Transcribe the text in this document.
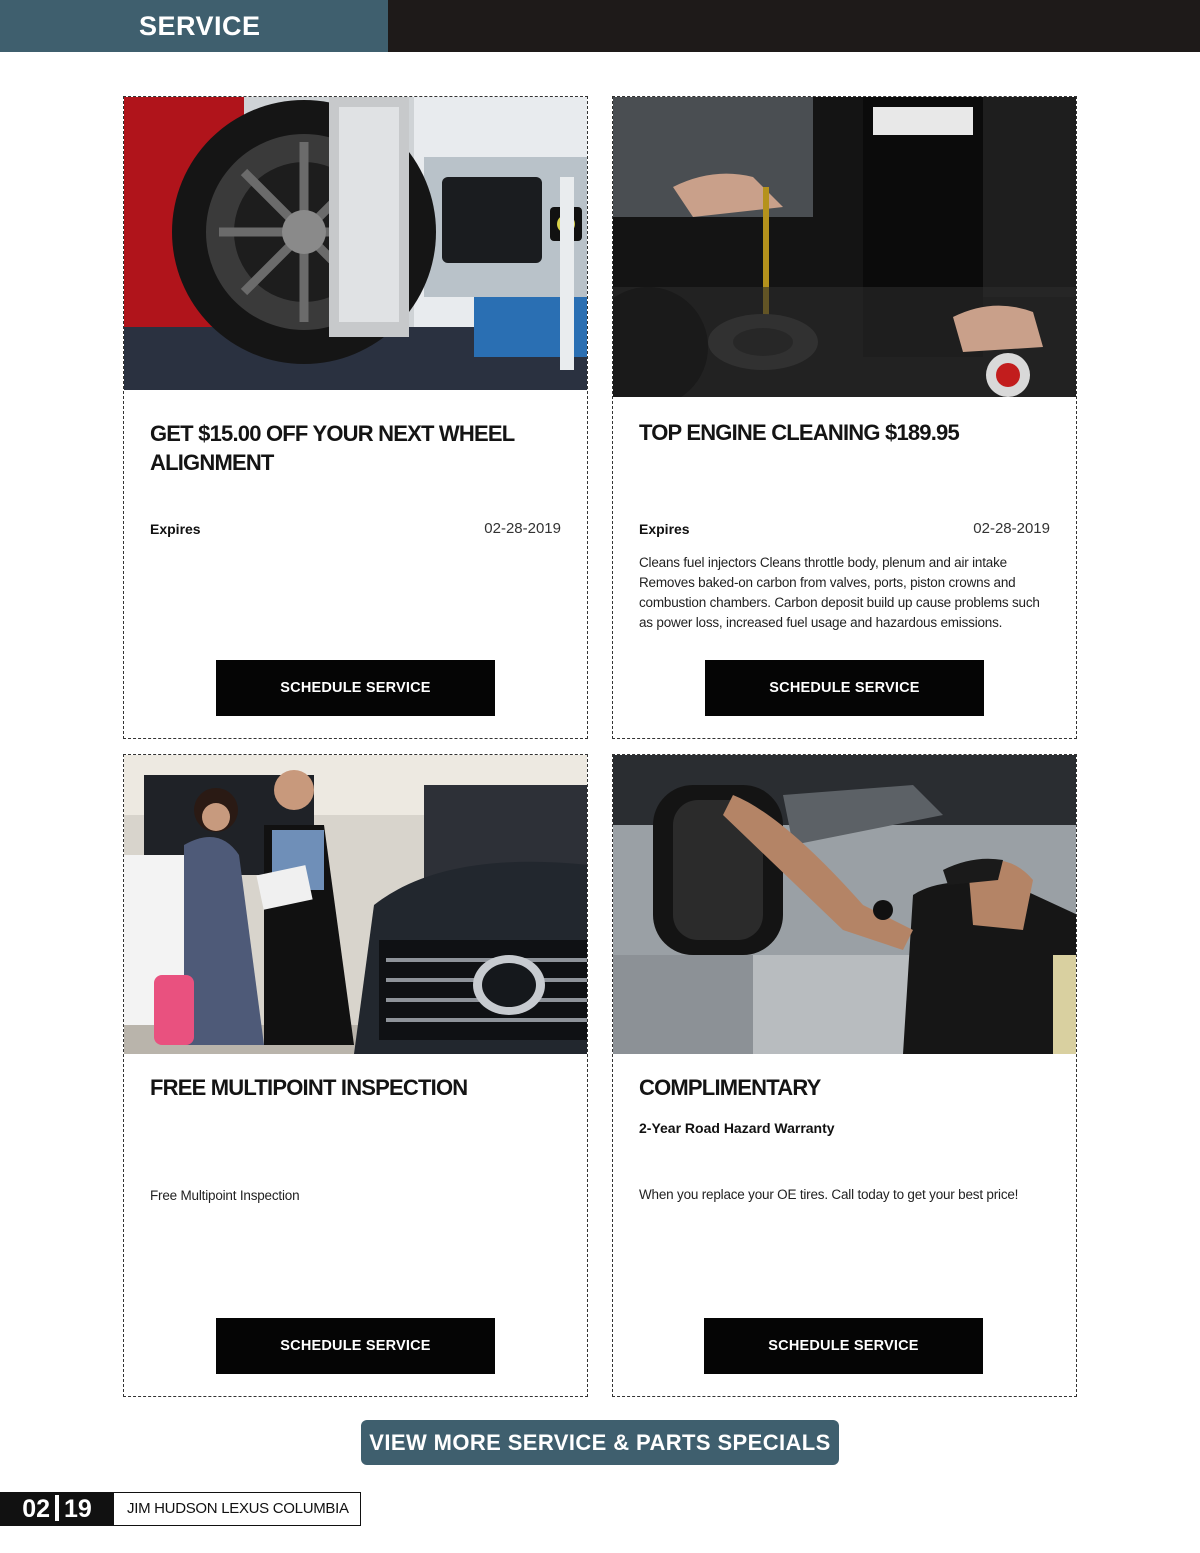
SERVICE
GET $15.00 OFF YOUR NEXT WHEEL ALIGNMENT
Expires	02-28-2019
SCHEDULE SERVICE
TOP ENGINE CLEANING $189.95
Expires	02-28-2019
Cleans fuel injectors Cleans throttle body, plenum and air intake Removes baked-on carbon from valves, ports, piston crowns and combustion chambers. Carbon deposit build up cause problems such as power loss, increased fuel usage and hazardous emissions.
SCHEDULE SERVICE
FREE MULTIPOINT INSPECTION
Free Multipoint Inspection
SCHEDULE SERVICE
COMPLIMENTARY
2-Year Road Hazard Warranty
When you replace your OE tires. Call today to get your best price!
SCHEDULE SERVICE
VIEW MORE SERVICE & PARTS SPECIALS
02 19	JIM HUDSON LEXUS COLUMBIA
